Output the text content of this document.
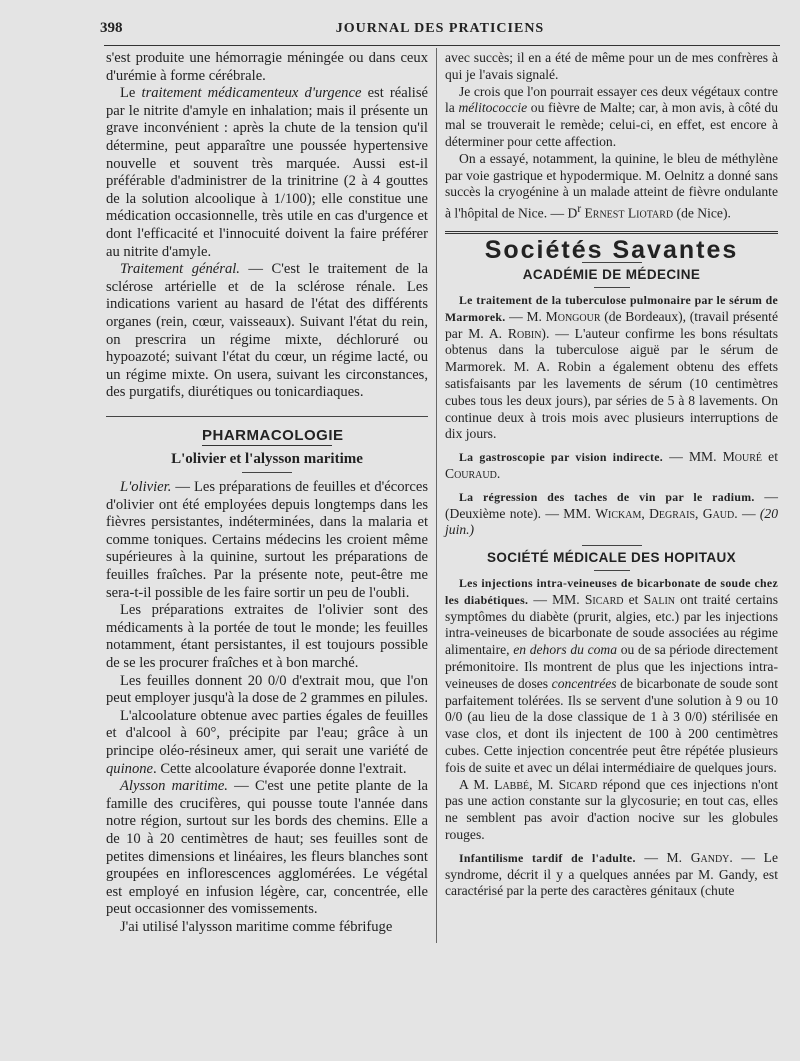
398	JOURNAL DES PRATICIENS

s'est produite une hémorragie méningée ou dans ceux d'urémie à forme cérébrale.

Le traitement médicamenteux d'urgence est réalisé par le nitrite d'amyle en inhalation; mais il présente un grave inconvénient : après la chute de la tension qu'il détermine, peut apparaître une poussée hypertensive nouvelle et souvent très marquée. Aussi est-il préférable d'administrer de la trinitrine (2 à 4 gouttes de la solution alcoolique à 1/100); elle constitue une médication occasionnelle, très utile en cas d'urgence et dont l'efficacité et l'innocuité doivent la faire préférer au nitrite d'amyle.

Traitement général. — C'est le traitement de la sclérose artérielle et de la sclérose rénale. Les indications varient au hasard de l'état des différents organes (rein, cœur, vaisseaux). Suivant l'état du rein, on prescrira un régime mixte, déchloruré ou hypoazoté; suivant l'état du cœur, un régime lacté, ou un régime mixte. On usera, suivant les circonstances, des purgatifs, diurétiques ou tonicardiaques.

PHARMACOLOGIE
L'olivier et l'alysson maritime

L'olivier. — Les préparations de feuilles et d'écorces d'olivier ont été employées depuis longtemps dans les fièvres persistantes, indéterminées, dans la malaria et comme toniques. Certains médecins les croient même supérieures à la quinine, surtout les préparations de feuilles fraîches. Par la présente note, peut-être me sera-t-il possible de les faire sortir un peu de l'oubli.

Les préparations extraites de l'olivier sont des médicaments à la portée de tout le monde; les feuilles notamment, étant persistantes, il est toujours possible de se les procurer fraîches et à bon marché.

Les feuilles donnent 20 0/0 d'extrait mou, que l'on peut employer jusqu'à la dose de 2 grammes en pilules.

L'alcoolature obtenue avec parties égales de feuilles et d'alcool à 60°, précipite par l'eau; grâce à un principe oléo-résineux amer, qui serait une variété de quinone. Cette alcoolature évaporée donne l'extrait.

Alysson maritime. — C'est une petite plante de la famille des crucifères, qui pousse toute l'année dans notre région, surtout sur les bords des chemins. Elle a de 10 à 20 centimètres de haut; ses feuilles sont de petites dimensions et linéaires, les fleurs blanches sont groupées en inflorescences agglomérées. Le végétal est employé en infusion légère, car, concentrée, elle peut occasionner des vomissements.

J'ai utilisé l'alysson maritime comme fébrifuge

avec succès; il en a été de même pour un de mes confrères à qui je l'avais signalé.

Je crois que l'on pourrait essayer ces deux végétaux contre la mélitococcie ou fièvre de Malte; car, à mon avis, à côté du mal se trouverait le remède; celui-ci, en effet, est encore à déterminer pour cette affection.

On a essayé, notamment, la quinine, le bleu de méthylène par voie gastrique et hypodermique. M. Oelnitz a donné sans succès la cryogénine à un malade atteint de fièvre ondulante à l'hôpital de Nice. — $D^r$ Ernest Liotard (de Nice).

Sociétés Savantes
ACADÉMIE DE MÉDECINE

Le traitement de la tuberculose pulmonaire par le sérum de Marmorek. — M. Mongour (de Bordeaux), (travail présenté par M. A. Robin). — L'auteur confirme les bons résultats obtenus dans la tuberculose aiguë par le sérum de Marmorek. M. A. Robin a également obtenu des effets satisfaisants par les lavements de sérum (10 centimètres cubes tous les deux jours), par séries de 5 à 8 lavements. On continue deux à trois mois avec plusieurs interruptions de dix jours.

La gastroscopie par vision indirecte. — MM. Mouré et Couraud.

La régression des taches de vin par le radium. — (Deuxième note). — MM. Wickam, Degrais, Gaud. — (20 juin.)

SOCIÉTÉ MÉDICALE DES HOPITAUX

Les injections intra-veineuses de bicarbonate de soude chez les diabétiques. — MM. Sicard et Salin ont traité certains symptômes du diabète (prurit, algies, etc.) par les injections intra-veineuses de bicarbonate de soude associées au régime alimentaire, en dehors du coma ou de sa période directement prémonitoire. Ils montrent de plus que les injections intra-veineuses de doses concentrées de bicarbonate de soude sont parfaitement tolérées. Ils se servent d'une solution à 9 ou 10 0/0 (au lieu de la dose classique de 1 à 3 0/0) stérilisée en vase clos, et dont ils injectent de 100 à 200 centimètres cubes. Cette injection concentrée peut être répétée plusieurs fois de suite et avec un délai intermédiaire de quelques jours.

A M. Labbé, M. Sicard répond que ces injections n'ont pas une action constante sur la glycosurie; en tout cas, elles ne semblent pas avoir d'action nocive sur les globules rouges.

Infantilisme tardif de l'adulte. — M. Gandy. — Le syndrome, décrit il y a quelques années par M. Gandy, est caractérisé par la perte des caractères génitaux (chute
